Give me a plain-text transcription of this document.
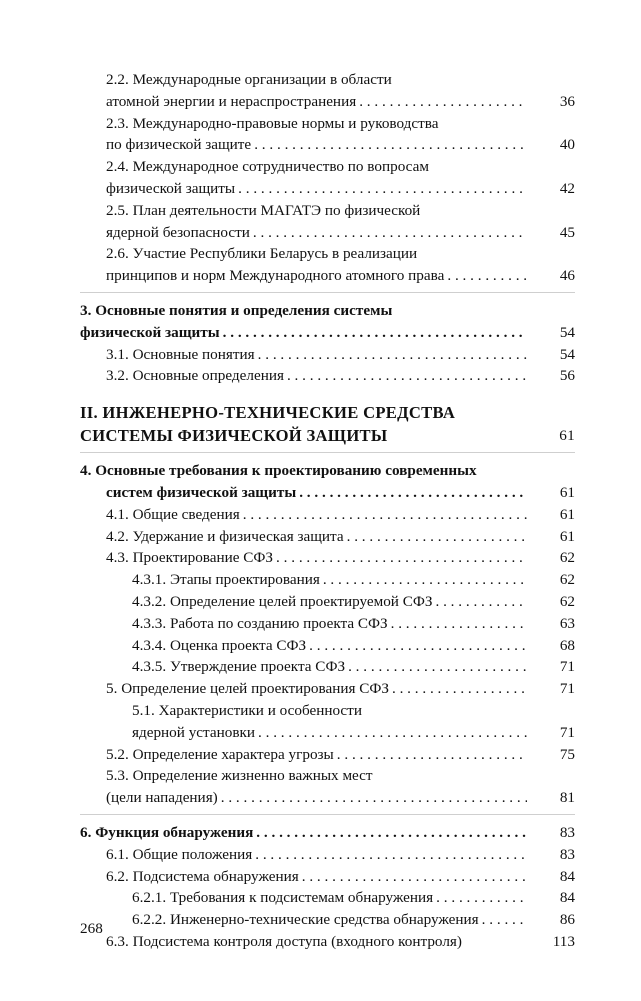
2.2. Международные организации в области
атомной энергии и нераспространения . . .	36
2.3. Международно-правовые нормы и руководства
по физической защите . . .	40
2.4. Международное сотрудничество по вопросам
физической защиты . . .	42
2.5. План деятельности МАГАТЭ по физической
ядерной безопасности . . .	45
2.6. Участие Республики Беларусь в реализации
принципов и норм Международного атомного права . . .	46
3. Основные понятия и определения системы
физической защиты . . .	54
3.1. Основные понятия . . .	54
3.2. Основные определения . . .	56
II. ИНЖЕНЕРНО-ТЕХНИЧЕСКИЕ СРЕДСТВА
СИСТЕМЫ ФИЗИЧЕСКОЙ ЗАЩИТЫ	61
4. Основные требования к проектированию современных
систем физической защиты . . .	61
4.1. Общие сведения . . .	61
4.2. Удержание и физическая защита . . .	61
4.3. Проектирование СФЗ . . .	62
4.3.1. Этапы проектирования . . .	62
4.3.2. Определение целей проектируемой СФЗ . . .	62
4.3.3. Работа по созданию проекта СФЗ . . .	63
4.3.4. Оценка проекта СФЗ . . .	68
4.3.5. Утверждение проекта СФЗ . . .	71
5. Определение целей проектирования СФЗ . . .	71
5.1. Характеристики и особенности
ядерной установки . . .	71
5.2. Определение характера угрозы . . .	75
5.3. Определение жизненно важных мест
(цели нападения) . . .	81
6. Функция обнаружения . . .	83
6.1. Общие положения . . .	83
6.2. Подсистема обнаружения . . .	84
6.2.1. Требования к подсистемам обнаружения . . .	84
6.2.2. Инженерно-технические средства обнаружения . . .	86
6.3. Подсистема контроля доступа (входного контроля)	113
268
